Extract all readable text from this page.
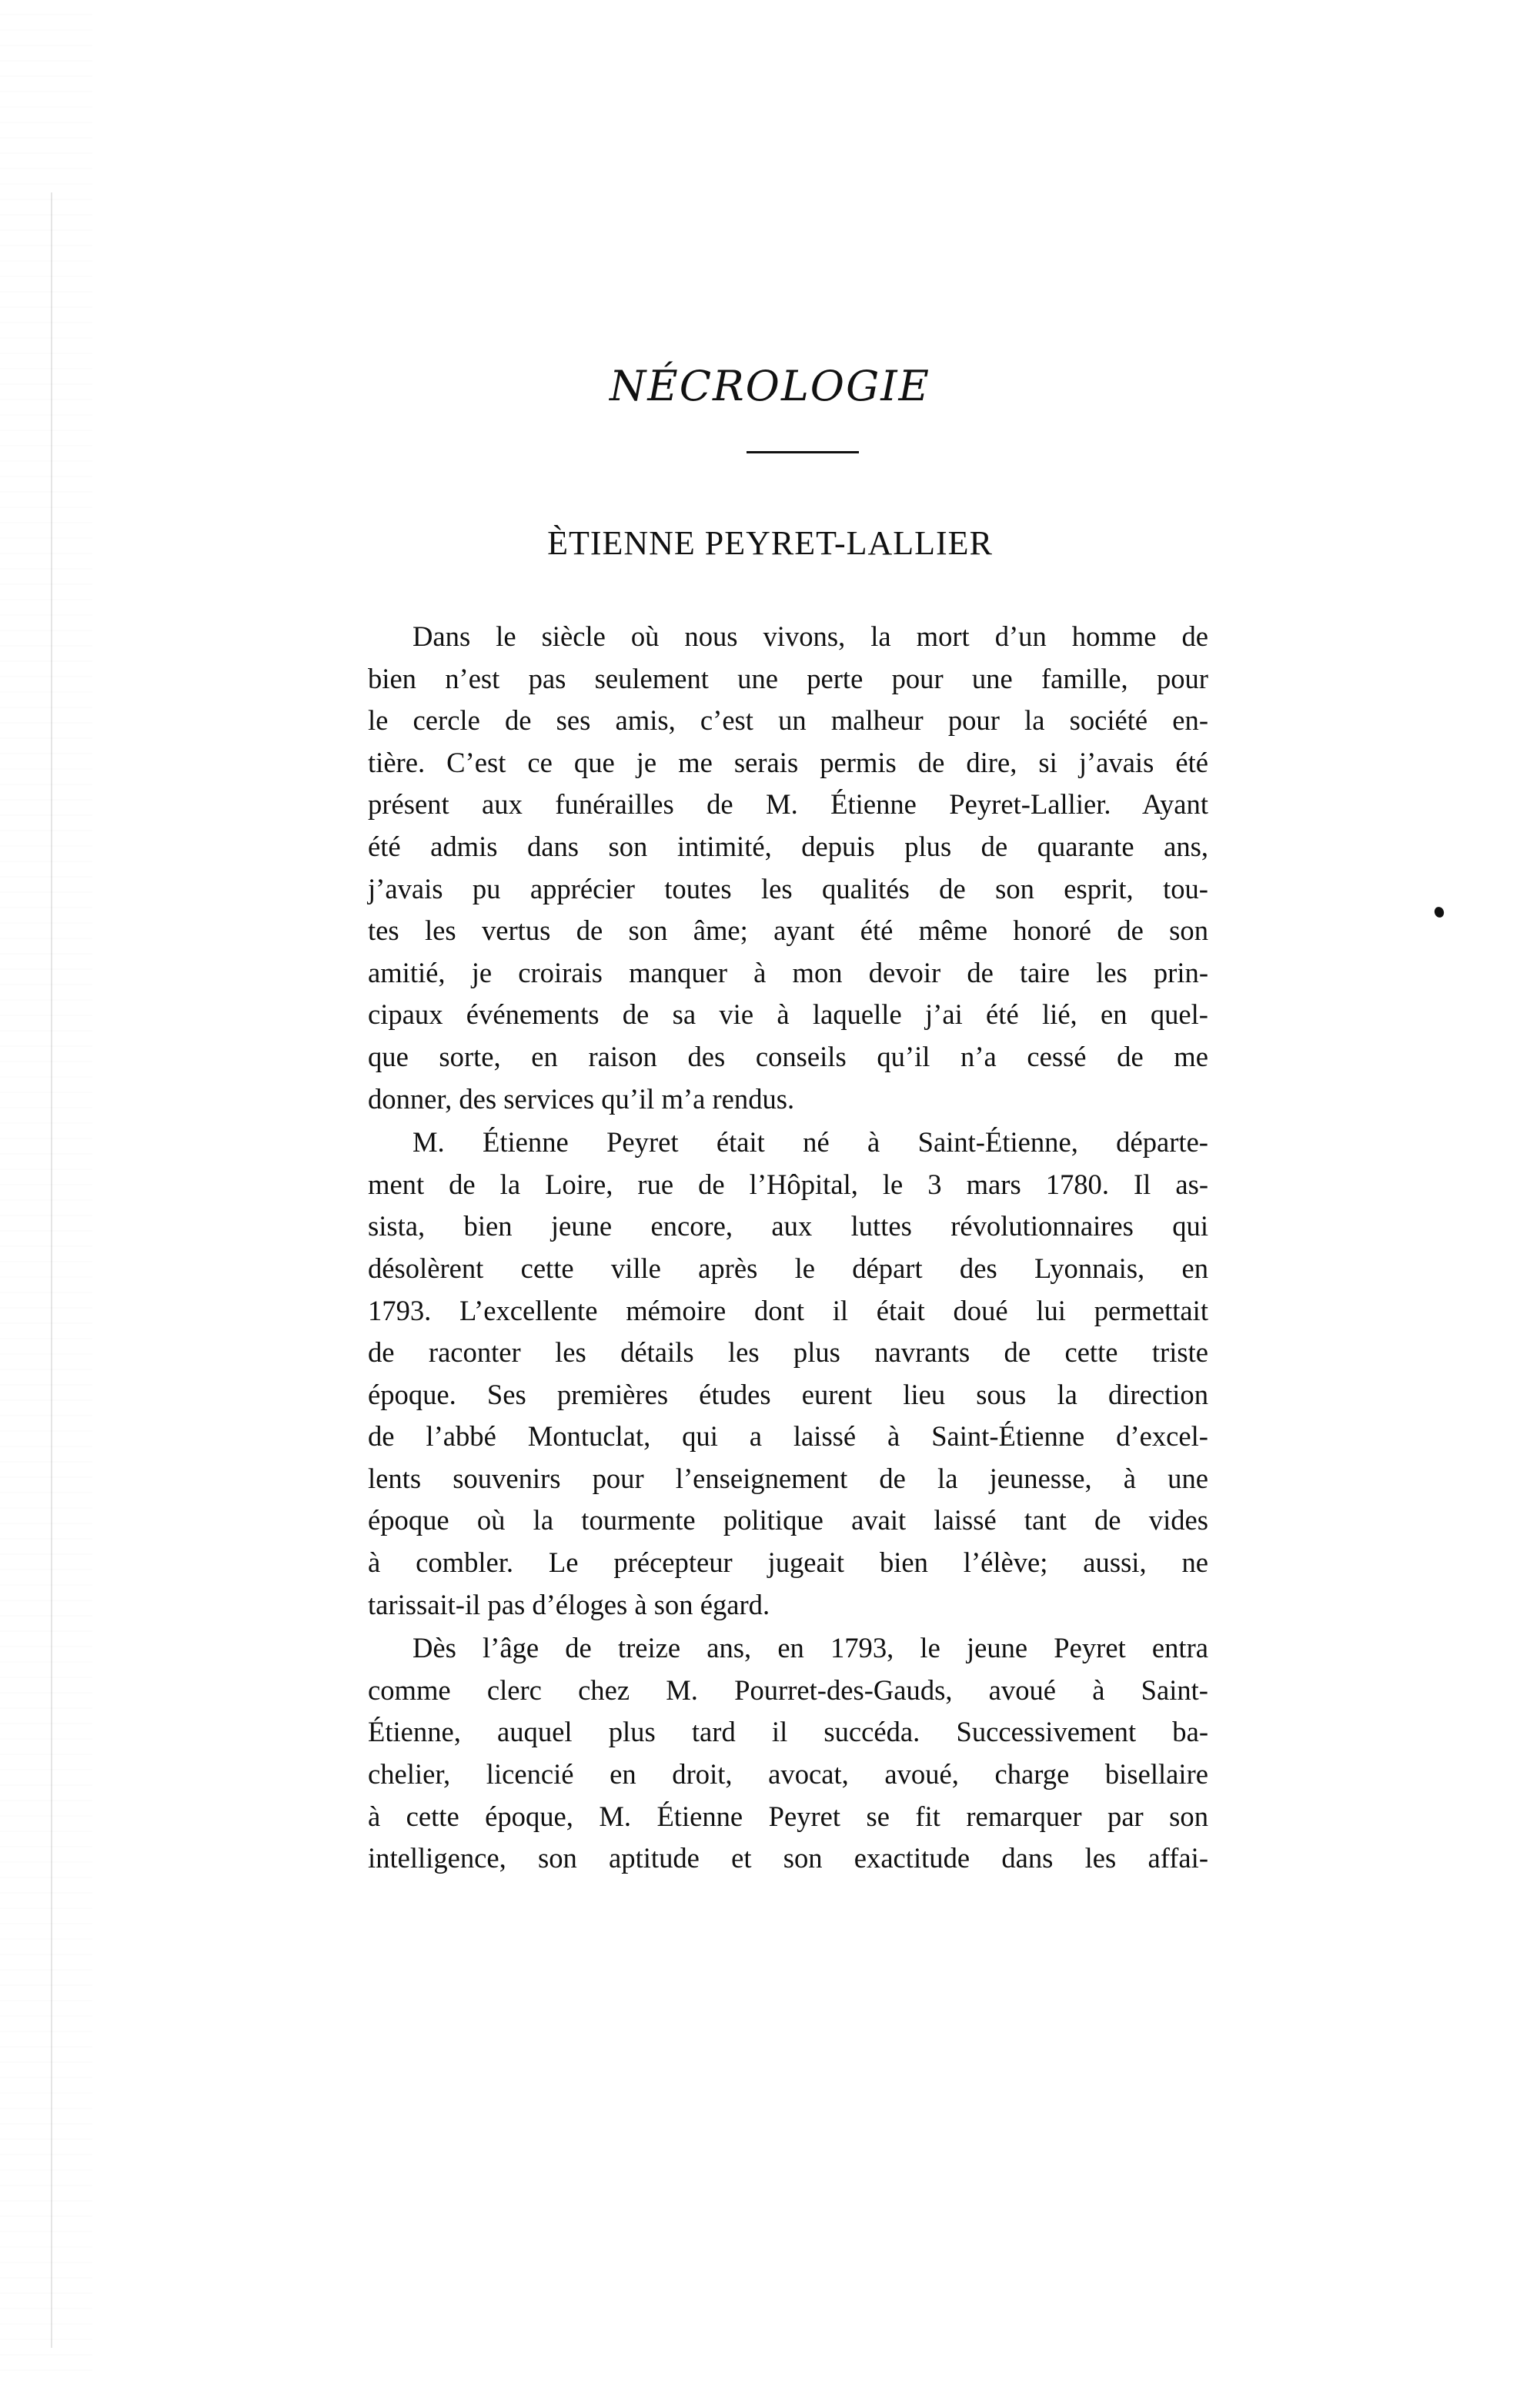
NÉCROLOGIE
ÈTIENNE PEYRET-LALLIER
Dans le siècle où nous vivons, la mort d’un homme de
bien n’est pas seulement une perte pour une famille, pour
le cercle de ses amis, c’est un malheur pour la société en-
tière. C’est ce que je me serais permis de dire, si j’avais été
présent aux funérailles de M. Étienne Peyret-Lallier. Ayant
été admis dans son intimité, depuis plus de quarante ans,
j’avais pu apprécier toutes les qualités de son esprit, tou-
tes les vertus de son âme; ayant été même honoré de son
amitié, je croirais manquer à mon devoir de taire les prin-
cipaux événements de sa vie à laquelle j’ai été lié, en quel-
que sorte, en raison des conseils qu’il n’a cessé de me
donner, des services qu’il m’a rendus.
M. Étienne Peyret était né à Saint-Étienne, départe-
ment de la Loire, rue de l’Hôpital, le 3 mars 1780. Il as-
sista, bien jeune encore, aux luttes révolutionnaires qui
désolèrent cette ville après le départ des Lyonnais, en
1793. L’excellente mémoire dont il était doué lui permettait
de raconter les détails les plus navrants de cette triste
époque. Ses premières études eurent lieu sous la direction
de l’abbé Montuclat, qui a laissé à Saint-Étienne d’excel-
lents souvenirs pour l’enseignement de la jeunesse, à une
époque où la tourmente politique avait laissé tant de vides
à combler. Le précepteur jugeait bien l’élève; aussi, ne
tarissait-il pas d’éloges à son égard.
Dès l’âge de treize ans, en 1793, le jeune Peyret entra
comme clerc chez M. Pourret-des-Gauds, avoué à Saint-
Étienne, auquel plus tard il succéda. Successivement ba-
chelier, licencié en droit, avocat, avoué, charge bisellaire
à cette époque, M. Étienne Peyret se fit remarquer par son
intelligence, son aptitude et son exactitude dans les affai-
